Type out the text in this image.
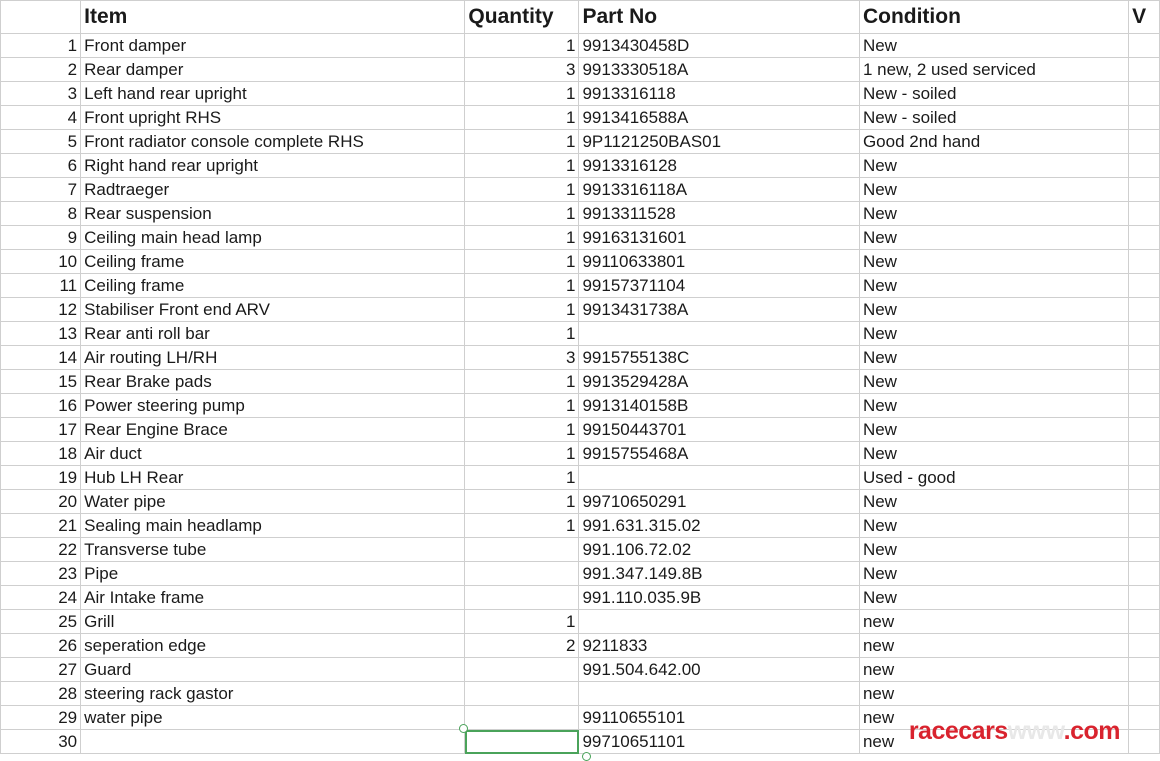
	Item	Quantity	Part No	Condition	V
1	Front damper	1	9913430458D	New	
2	Rear damper	3	9913330518A	1 new, 2 used serviced	
3	Left hand rear upright	1	9913316118	New - soiled	
4	Front upright RHS	1	9913416588A	New - soiled	
5	Front radiator console complete RHS	1	9P1121250BAS01	Good 2nd hand	
6	Right hand rear upright	1	9913316128	New	
7	Radtraeger	1	9913316118A	New	
8	Rear suspension	1	9913311528	New	
9	Ceiling main head lamp	1	99163131601	New	
10	Ceiling frame	1	99110633801	New	
11	Ceiling frame	1	99157371104	New	
12	Stabiliser Front end ARV	1	9913431738A	New	
13	Rear anti roll bar	1		New	
14	Air routing LH/RH	3	9915755138C	New	
15	Rear Brake pads	1	9913529428A	New	
16	Power steering pump	1	9913140158B	New	
17	Rear Engine Brace	1	99150443701	New	
18	Air duct	1	9915755468A	New	
19	Hub LH Rear	1		Used - good	
20	Water pipe	1	99710650291	New	
21	Sealing main headlamp	1	991.631.315.02	New	
22	Transverse tube		991.106.72.02	New	
23	Pipe		991.347.149.8B	New	
24	Air Intake frame		991.110.035.9B	New	
25	Grill	1		new	
26	seperation edge	2	9211833	new	
27	Guard		991.504.642.00	new	
28	steering rack gastor			new	
29	water pipe		99110655101	new	
30			99710651101	new	racecarswww.com
